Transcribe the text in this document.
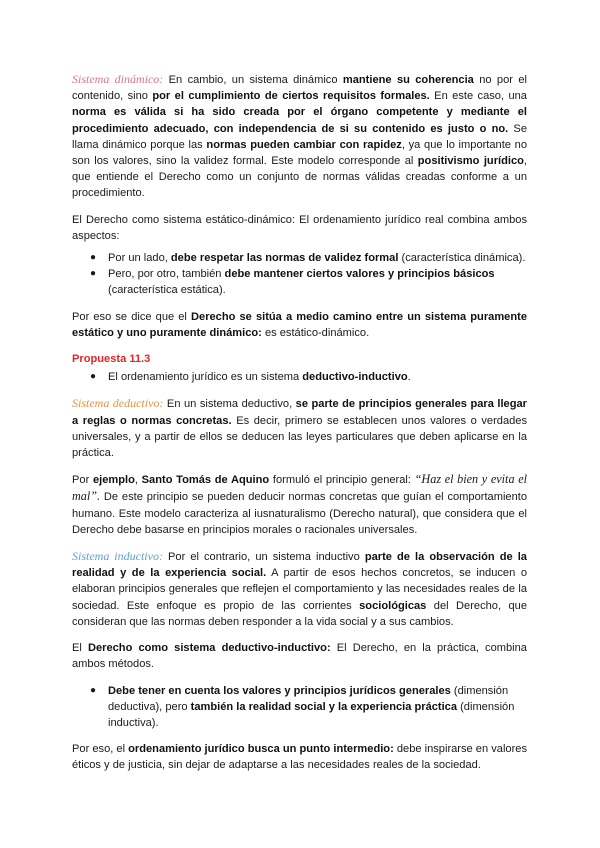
Sistema dinámico: En cambio, un sistema dinámico mantiene su coherencia no por el contenido, sino por el cumplimiento de ciertos requisitos formales. En este caso, una norma es válida si ha sido creada por el órgano competente y mediante el procedimiento adecuado, con independencia de si su contenido es justo o no. Se llama dinámico porque las normas pueden cambiar con rapidez, ya que lo importante no son los valores, sino la validez formal. Este modelo corresponde al positivismo jurídico, que entiende el Derecho como un conjunto de normas válidas creadas conforme a un procedimiento.

El Derecho como sistema estático-dinámico: El ordenamiento jurídico real combina ambos aspectos:

● Por un lado, debe respetar las normas de validez formal (característica dinámica).
● Pero, por otro, también debe mantener ciertos valores y principios básicos (característica estática).

Por eso se dice que el Derecho se sitúa a medio camino entre un sistema puramente estático y uno puramente dinámico: es estático-dinámico.

Propuesta 11.3

● El ordenamiento jurídico es un sistema deductivo-inductivo.

Sistema deductivo: En un sistema deductivo, se parte de principios generales para llegar a reglas o normas concretas. Es decir, primero se establecen unos valores o verdades universales, y a partir de ellos se deducen las leyes particulares que deben aplicarse en la práctica.

Por ejemplo, Santo Tomás de Aquino formuló el principio general: “Haz el bien y evita el mal”. De este principio se pueden deducir normas concretas que guían el comportamiento humano. Este modelo caracteriza al iusnaturalismo (Derecho natural), que considera que el Derecho debe basarse en principios morales o racionales universales.

Sistema inductivo: Por el contrario, un sistema inductivo parte de la observación de la realidad y de la experiencia social. A partir de esos hechos concretos, se inducen o elaboran principios generales que reflejen el comportamiento y las necesidades reales de la sociedad. Este enfoque es propio de las corrientes sociológicas del Derecho, que consideran que las normas deben responder a la vida social y a sus cambios.

El Derecho como sistema deductivo-inductivo: El Derecho, en la práctica, combina ambos métodos.

● Debe tener en cuenta los valores y principios jurídicos generales (dimensión deductiva), pero también la realidad social y la experiencia práctica (dimensión inductiva).

Por eso, el ordenamiento jurídico busca un punto intermedio: debe inspirarse en valores éticos y de justicia, sin dejar de adaptarse a las necesidades reales de la sociedad.
